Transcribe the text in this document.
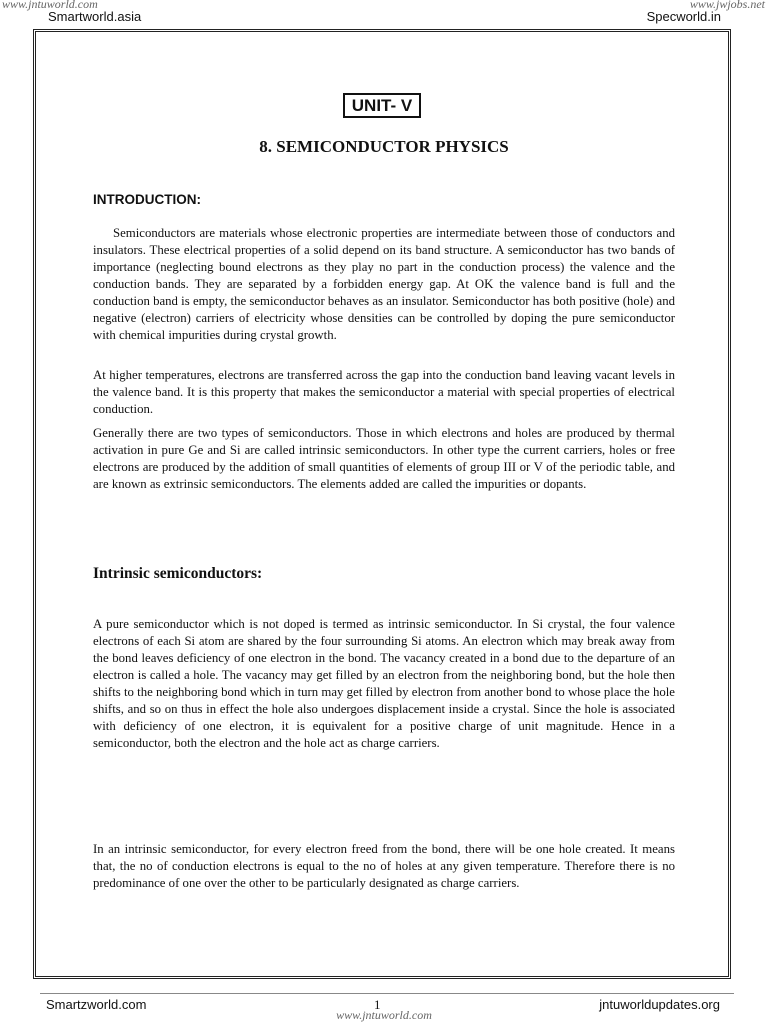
www.jntuworld.com	www.jwjobs.net
Smartworld.asia	Specworld.in
UNIT- V
8. SEMICONDUCTOR PHYSICS
INTRODUCTION:
Semiconductors are materials whose electronic properties are intermediate between those of conductors and insulators. These electrical properties of a solid depend on its band structure. A semiconductor has two bands of importance (neglecting bound electrons as they play no part in the conduction process) the valence and the conduction bands. They are separated by a forbidden energy gap. At OK the valence band is full and the conduction band is empty, the semiconductor behaves as an insulator. Semiconductor has both positive (hole) and negative (electron) carriers of electricity whose densities can be controlled by doping the pure semiconductor with chemical impurities during crystal growth.
At higher temperatures, electrons are transferred across the gap into the conduction band leaving vacant levels in the valence band. It is this property that makes the semiconductor a material with special properties of electrical conduction.
Generally there are two types of semiconductors. Those in which electrons and holes are produced by thermal activation in pure Ge and Si are called intrinsic semiconductors. In other type the current carriers, holes or free electrons are produced by the addition of small quantities of elements of group III or V of the periodic table, and are known as extrinsic semiconductors. The elements added are called the impurities or dopants.
Intrinsic semiconductors:
A pure semiconductor which is not doped is termed as intrinsic semiconductor. In Si crystal, the four valence electrons of each Si atom are shared by the four surrounding Si atoms. An electron which may break away from the bond leaves deficiency of one electron in the bond. The vacancy created in a bond due to the departure of an electron is called a hole. The vacancy may get filled by an electron from the neighboring bond, but the hole then shifts to the neighboring bond which in turn may get filled by electron from another bond to whose place the hole shifts, and so on thus in effect the hole also undergoes displacement inside a crystal. Since the hole is associated with deficiency of one electron, it is equivalent for a positive charge of unit magnitude. Hence in a semiconductor, both the electron and the hole act as charge carriers.
In an intrinsic semiconductor, for every electron freed from the bond, there will be one hole created. It means that, the no of conduction electrons is equal to the no of holes at any given temperature. Therefore there is no predominance of one over the other to be particularly designated as charge carriers.
Smartzworld.com	1	jntuworldupdates.org
www.jntuworld.com
